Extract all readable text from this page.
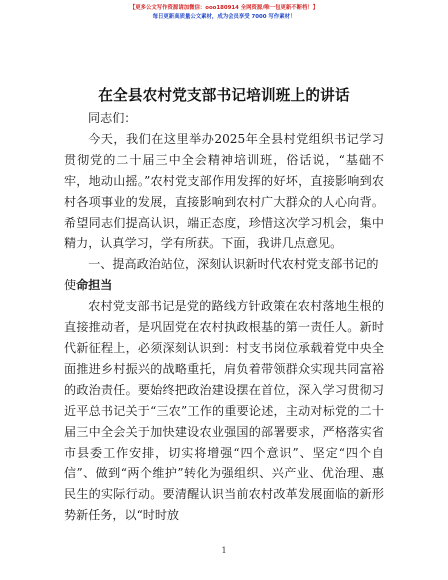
【更多公文写作资源请加微信：ooo180914 全网资源/唯一包更新不断档！】
每日更新高质量公文素材，成为会员享受 7000 写作素材！
在全县农村党支部书记培训班上的讲话

同志们：

今天，我们在这里举办2025年全县村党组织书记学习贯彻党的二十届三中全会精神培训班，俗话说，“基础不牢，地动山摇。”农村党支部作用发挥的好坏，直接影响到农村各项事业的发展，直接影响到农村广大群众的人心向背。希望同志们提高认识，端正态度，珍惜这次学习机会，集中精力，认真学习，学有所获。下面，我讲几点意见。

一、提高政治站位，深刻认识新时代农村党支部书记的使命担当

农村党支部书记是党的路线方针政策在农村落地生根的直接推动者，是巩固党在农村执政根基的第一责任人。新时代新征程上，必须深刻认识到：村支书岗位承载着党中央全面推进乡村振兴的战略重托，肩负着带领群众实现共同富裕的政治责任。要始终把政治建设摆在首位，深入学习贯彻习近平总书记关于“三农”工作的重要论述，主动对标党的二十届三中全会关于加快建设农业强国的部署要求，严格落实省市县委工作安排，切实将增强“四个意识”、坚定“四个自信”、做到“两个维护”转化为强组织、兴产业、优治理、惠民生的实际行动。要清醒认识当前农村改革发展面临的新形势新任务，以“时时放

1
